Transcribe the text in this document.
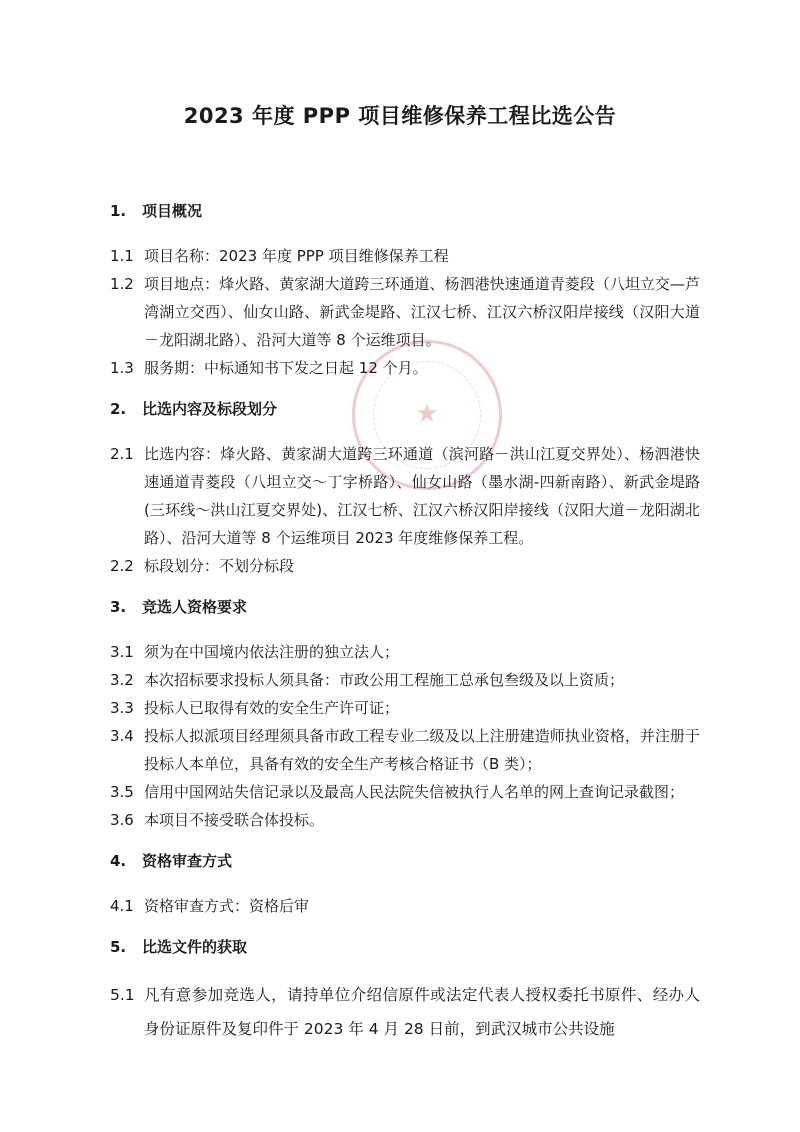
2023 年度 PPP 项目维修保养工程比选公告
★
1.	项目概况
1.1 项目名称：2023 年度 PPP 项目维修保养工程
1.2 项目地点：烽火路、黄家湖大道跨三环通道、杨泗港快速通道青菱段（八坦立交—芦湾湖立交西）、仙女山路、新武金堤路、江汉七桥、江汉六桥汉阳岸接线（汉阳大道－龙阳湖北路）、沿河大道等 8 个运维项目。
1.3 服务期：中标通知书下发之日起 12 个月。
2.	比选内容及标段划分
2.1 比选内容：烽火路、黄家湖大道跨三环通道（滨河路－洪山江夏交界处）、杨泗港快速通道青菱段（八坦立交～丁字桥路）、仙女山路（墨水湖-四新南路）、新武金堤路(三环线～洪山江夏交界处)、江汉七桥、江汉六桥汉阳岸接线（汉阳大道－龙阳湖北路）、沿河大道等 8 个运维项目 2023 年度维修保养工程。
2.2 标段划分：不划分标段
3.	竞选人资格要求
3.1 须为在中国境内依法注册的独立法人；
3.2 本次招标要求投标人须具备：市政公用工程施工总承包叁级及以上资质；
3.3 投标人已取得有效的安全生产许可证；
3.4 投标人拟派项目经理须具备市政工程专业二级及以上注册建造师执业资格，并注册于投标人本单位，具备有效的安全生产考核合格证书（B 类）；
3.5 信用中国网站失信记录以及最高人民法院失信被执行人名单的网上查询记录截图；
3.6 本项目不接受联合体投标。
4.	资格审查方式
4.1 资格审查方式：资格后审
5.	比选文件的获取
5.1 凡有意参加竞选人，请持单位介绍信原件或法定代表人授权委托书原件、经办人身份证原件及复印件于 2023 年 4 月 28 日前，到武汉城市公共设施
